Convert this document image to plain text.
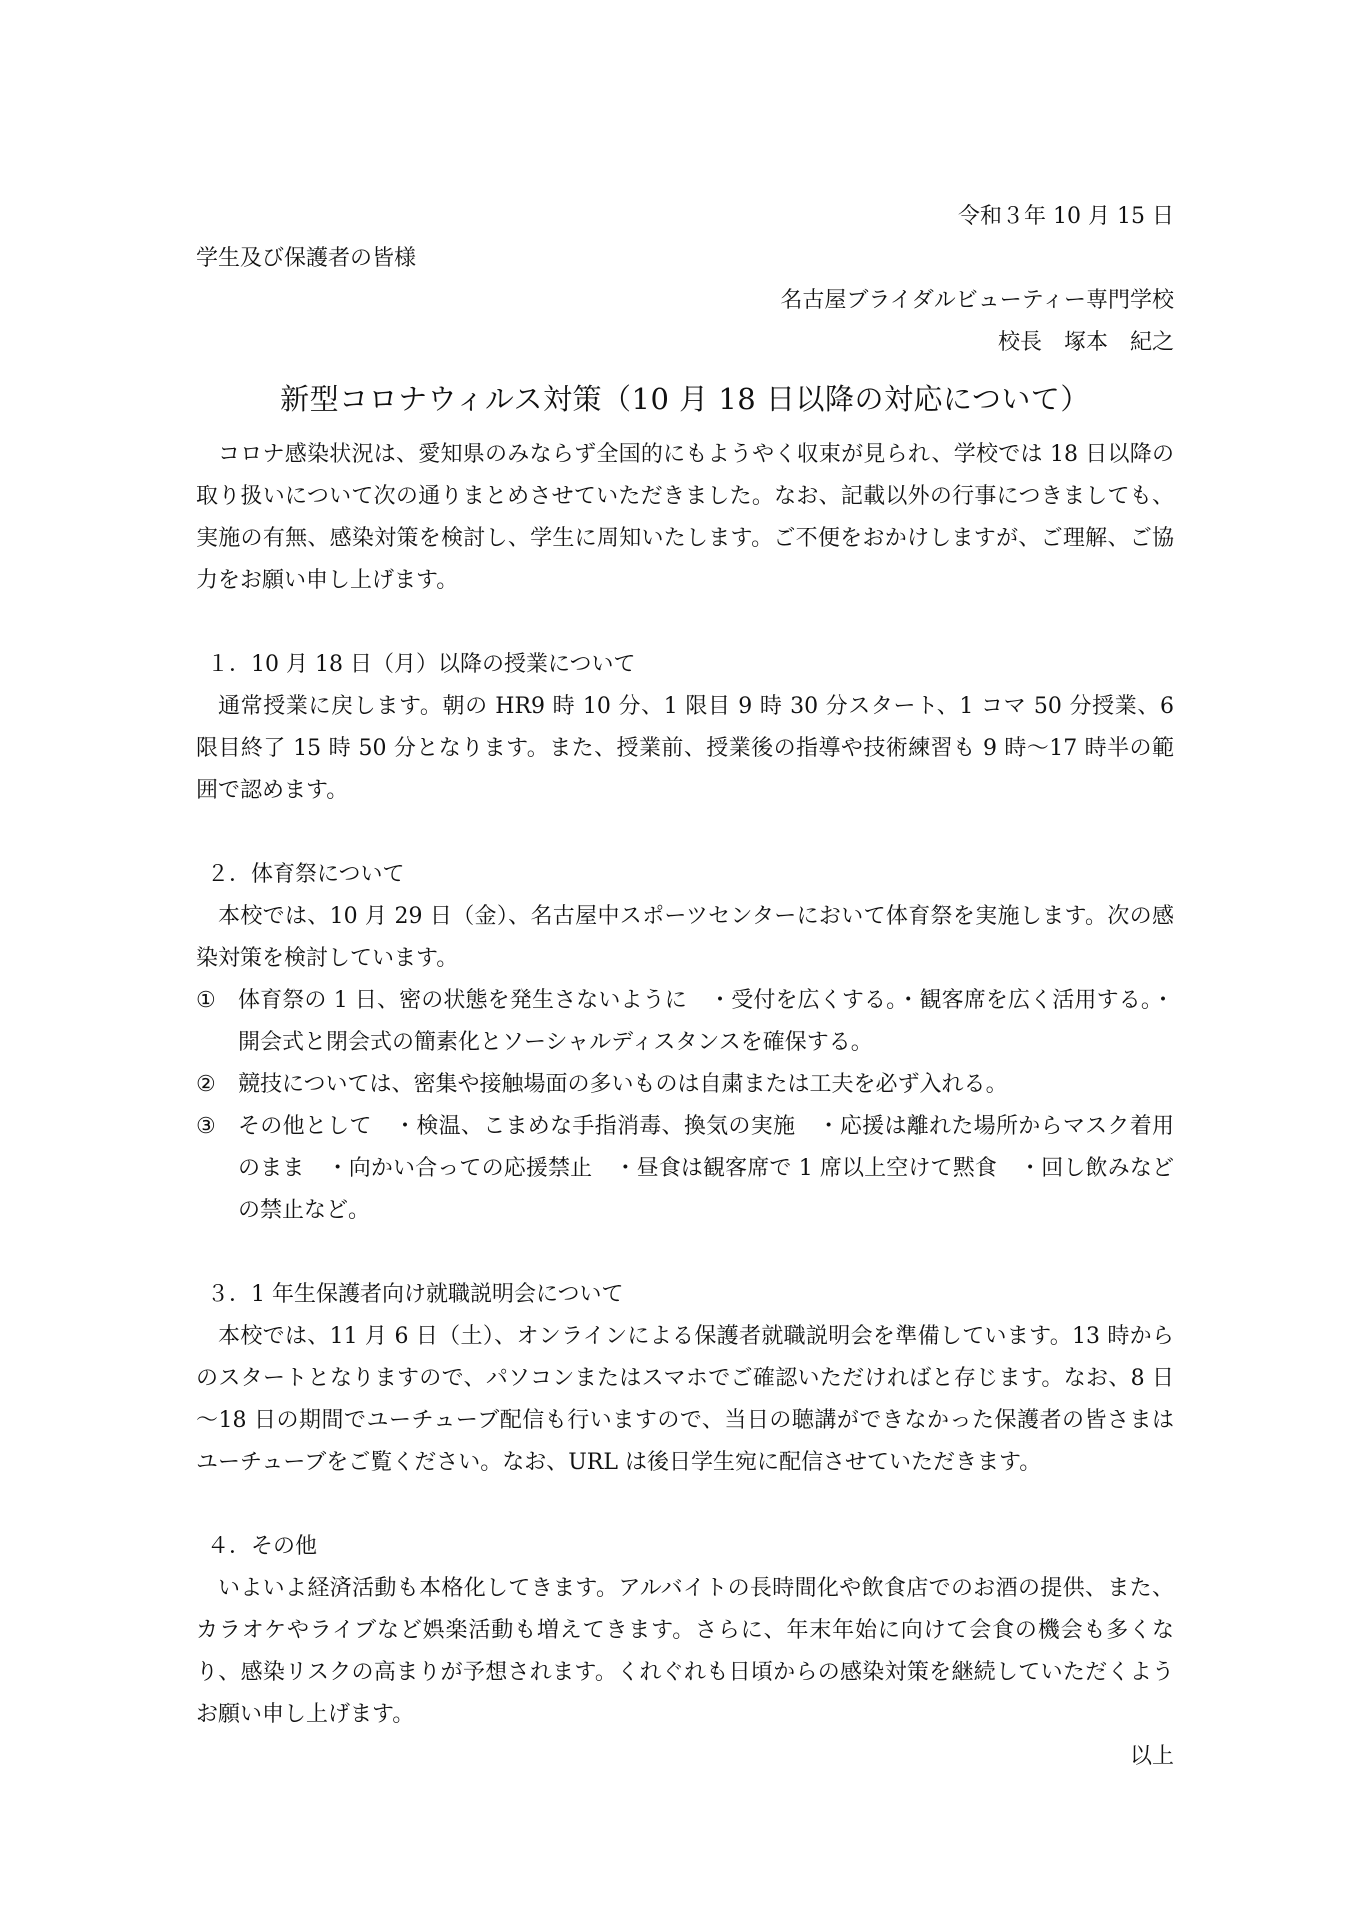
令和３年 10 月 15 日

学生及び保護者の皆様

名古屋ブライダルビューティー専門学校

校長　塚本　紀之

新型コロナウィルス対策（10 月 18 日以降の対応について）

コロナ感染状況は、愛知県のみならず全国的にもようやく収束が見られ、学校では 18 日以降の取り扱いについて次の通りまとめさせていただきました。なお、記載以外の行事につきましても、実施の有無、感染対策を検討し、学生に周知いたします。ご不便をおかけしますが、ご理解、ご協力をお願い申し上げます。

１．10 月 18 日（月）以降の授業について

通常授業に戻します。朝の HR9 時 10 分、1 限目 9 時 30 分スタート、1 コマ 50 分授業、6 限目終了 15 時 50 分となります。また、授業前、授業後の指導や技術練習も 9 時～17 時半の範囲で認めます。

２．体育祭について

本校では、10 月 29 日（金）、名古屋中スポーツセンターにおいて体育祭を実施します。次の感染対策を検討しています。

①	体育祭の 1 日、密の状態を発生さないように　・受付を広くする。・観客席を広く活用する。・開会式と閉会式の簡素化とソーシャルディスタンスを確保する。
②	競技については、密集や接触場面の多いものは自粛または工夫を必ず入れる。
③	その他として　・検温、こまめな手指消毒、換気の実施　・応援は離れた場所からマスク着用のまま　・向かい合っての応援禁止　・昼食は観客席で 1 席以上空けて黙食　・回し飲みなどの禁止など。

３．1 年生保護者向け就職説明会について

本校では、11 月 6 日（土）、オンラインによる保護者就職説明会を準備しています。13 時からのスタートとなりますので、パソコンまたはスマホでご確認いただければと存じます。なお、8 日～18 日の期間でユーチューブ配信も行いますので、当日の聴講ができなかった保護者の皆さまはユーチューブをご覧ください。なお、URL は後日学生宛に配信させていただきます。

４．その他

いよいよ経済活動も本格化してきます。アルバイトの長時間化や飲食店でのお酒の提供、また、カラオケやライブなど娯楽活動も増えてきます。さらに、年末年始に向けて会食の機会も多くなり、感染リスクの高まりが予想されます。くれぐれも日頃からの感染対策を継続していただくようお願い申し上げます。

以上
